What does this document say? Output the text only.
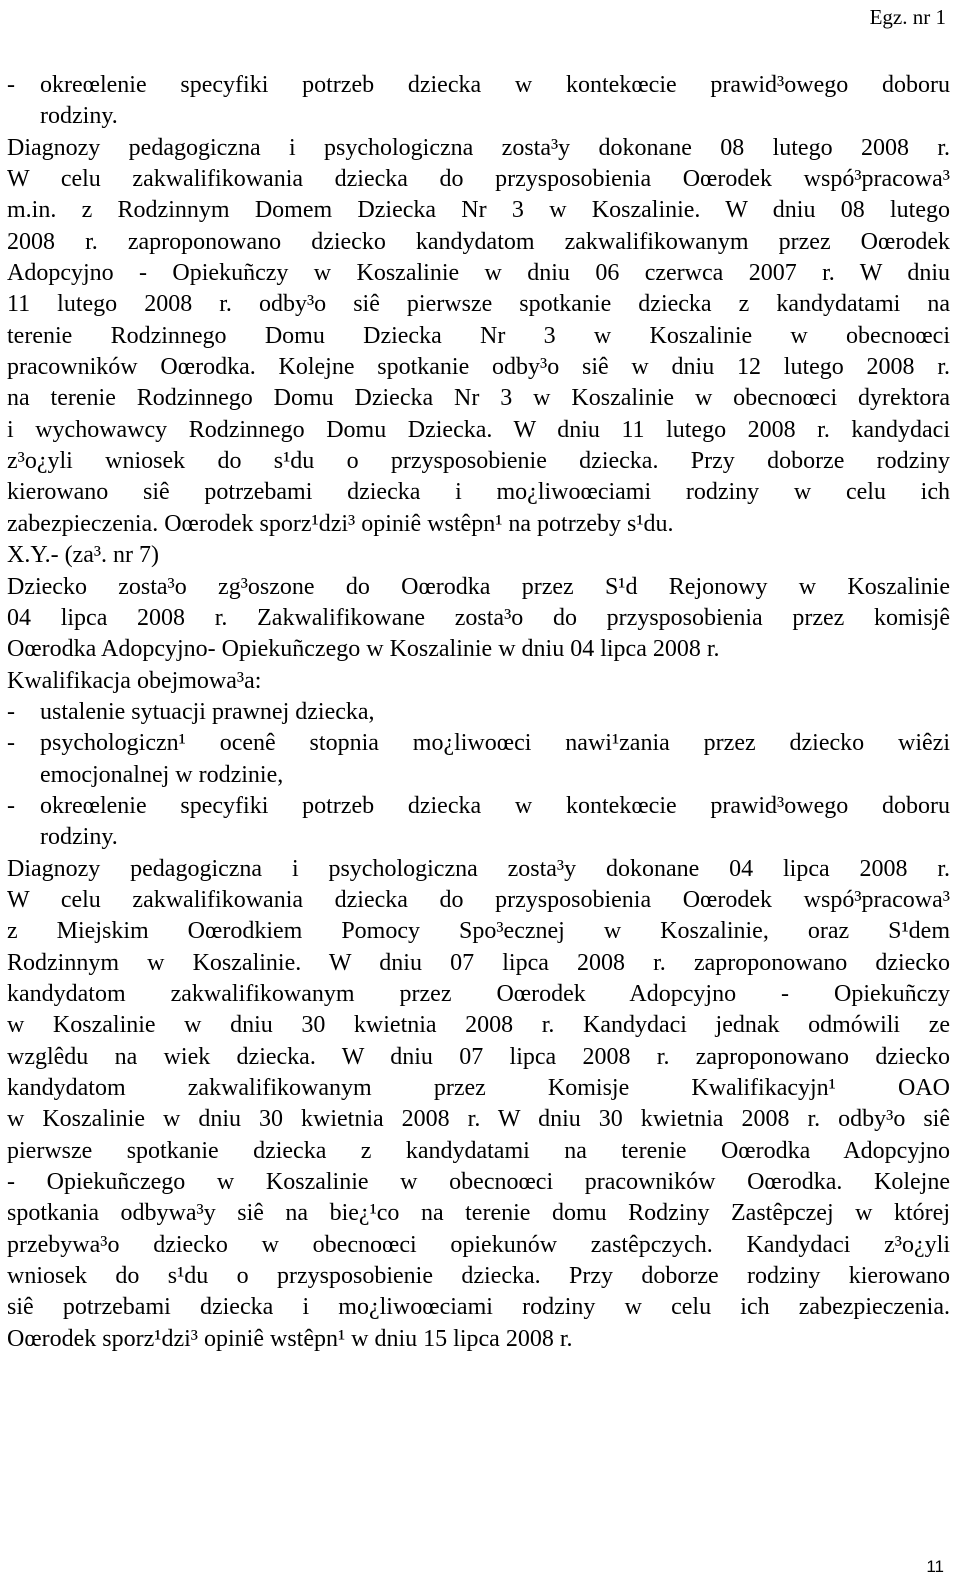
Egz. nr 1
- okreœlenie specyfiki potrzeb dziecka w kontekœcie prawid³owego doboru
rodziny.
Diagnozy pedagogiczna i psychologiczna zosta³y dokonane 08 lutego 2008 r.
W celu zakwalifikowania dziecka do przysposobienia Oœrodek wspó³pracowa³
m.in. z Rodzinnym Domem Dziecka Nr 3 w Koszalinie. W dniu 08 lutego
2008 r. zaproponowano dziecko kandydatom zakwalifikowanym przez Oœrodek
Adopcyjno - Opiekuñczy w Koszalinie w dniu 06 czerwca 2007 r. W dniu
11 lutego 2008 r. odby³o siê pierwsze spotkanie dziecka z kandydatami na
terenie Rodzinnego Domu Dziecka Nr 3 w Koszalinie w obecnoœci
pracowników Oœrodka. Kolejne spotkanie odby³o siê w dniu 12 lutego 2008 r.
na terenie Rodzinnego Domu Dziecka Nr 3 w Koszalinie w obecnoœci dyrektora
i wychowawcy Rodzinnego Domu Dziecka. W dniu 11 lutego 2008 r. kandydaci
z³o¿yli wniosek do s¹du o przysposobienie dziecka. Przy doborze rodziny
kierowano siê potrzebami dziecka i mo¿liwoœciami rodziny w celu ich
zabezpieczenia. Oœrodek sporz¹dzi³ opiniê wstêpn¹ na potrzeby s¹du.
X.Y.- (za³. nr 7)
Dziecko zosta³o zg³oszone do Oœrodka przez S¹d Rejonowy w Koszalinie
04 lipca 2008 r. Zakwalifikowane zosta³o do przysposobienia przez komisjê
Oœrodka Adopcyjno- Opiekuñczego w Koszalinie w dniu 04 lipca 2008 r.
Kwalifikacja obejmowa³a:
- ustalenie sytuacji prawnej dziecka,
- psychologiczn¹ ocenê stopnia mo¿liwoœci nawi¹zania przez dziecko wiêzi
emocjonalnej w rodzinie,
- okreœlenie specyfiki potrzeb dziecka w kontekœcie prawid³owego doboru
rodziny.
Diagnozy pedagogiczna i psychologiczna zosta³y dokonane 04 lipca 2008 r.
W celu zakwalifikowania dziecka do przysposobienia Oœrodek wspó³pracowa³
z Miejskim Oœrodkiem Pomocy Spo³ecznej w Koszalinie, oraz S¹dem
Rodzinnym w Koszalinie. W dniu 07 lipca 2008 r. zaproponowano dziecko
kandydatom zakwalifikowanym przez Oœrodek Adopcyjno - Opiekuñczy
w Koszalinie w dniu 30 kwietnia 2008 r. Kandydaci jednak odmówili ze
wzglêdu na wiek dziecka. W dniu 07 lipca 2008 r. zaproponowano dziecko
kandydatom zakwalifikowanym przez Komisje Kwalifikacyjn¹ OAO
w Koszalinie w dniu 30 kwietnia 2008 r. W dniu 30 kwietnia 2008 r. odby³o siê
pierwsze spotkanie dziecka z kandydatami na terenie Oœrodka Adopcyjno
- Opiekuñczego w Koszalinie w obecnoœci pracowników Oœrodka. Kolejne
spotkania odbywa³y siê na bie¿¹co na terenie domu Rodziny Zastêpczej w której
przebywa³o dziecko w obecnoœci opiekunów zastêpczych. Kandydaci z³o¿yli
wniosek do s¹du o przysposobienie dziecka. Przy doborze rodziny kierowano
siê potrzebami dziecka i mo¿liwoœciami rodziny w celu ich zabezpieczenia.
Oœrodek sporz¹dzi³ opiniê wstêpn¹ w dniu 15 lipca 2008 r.
11
